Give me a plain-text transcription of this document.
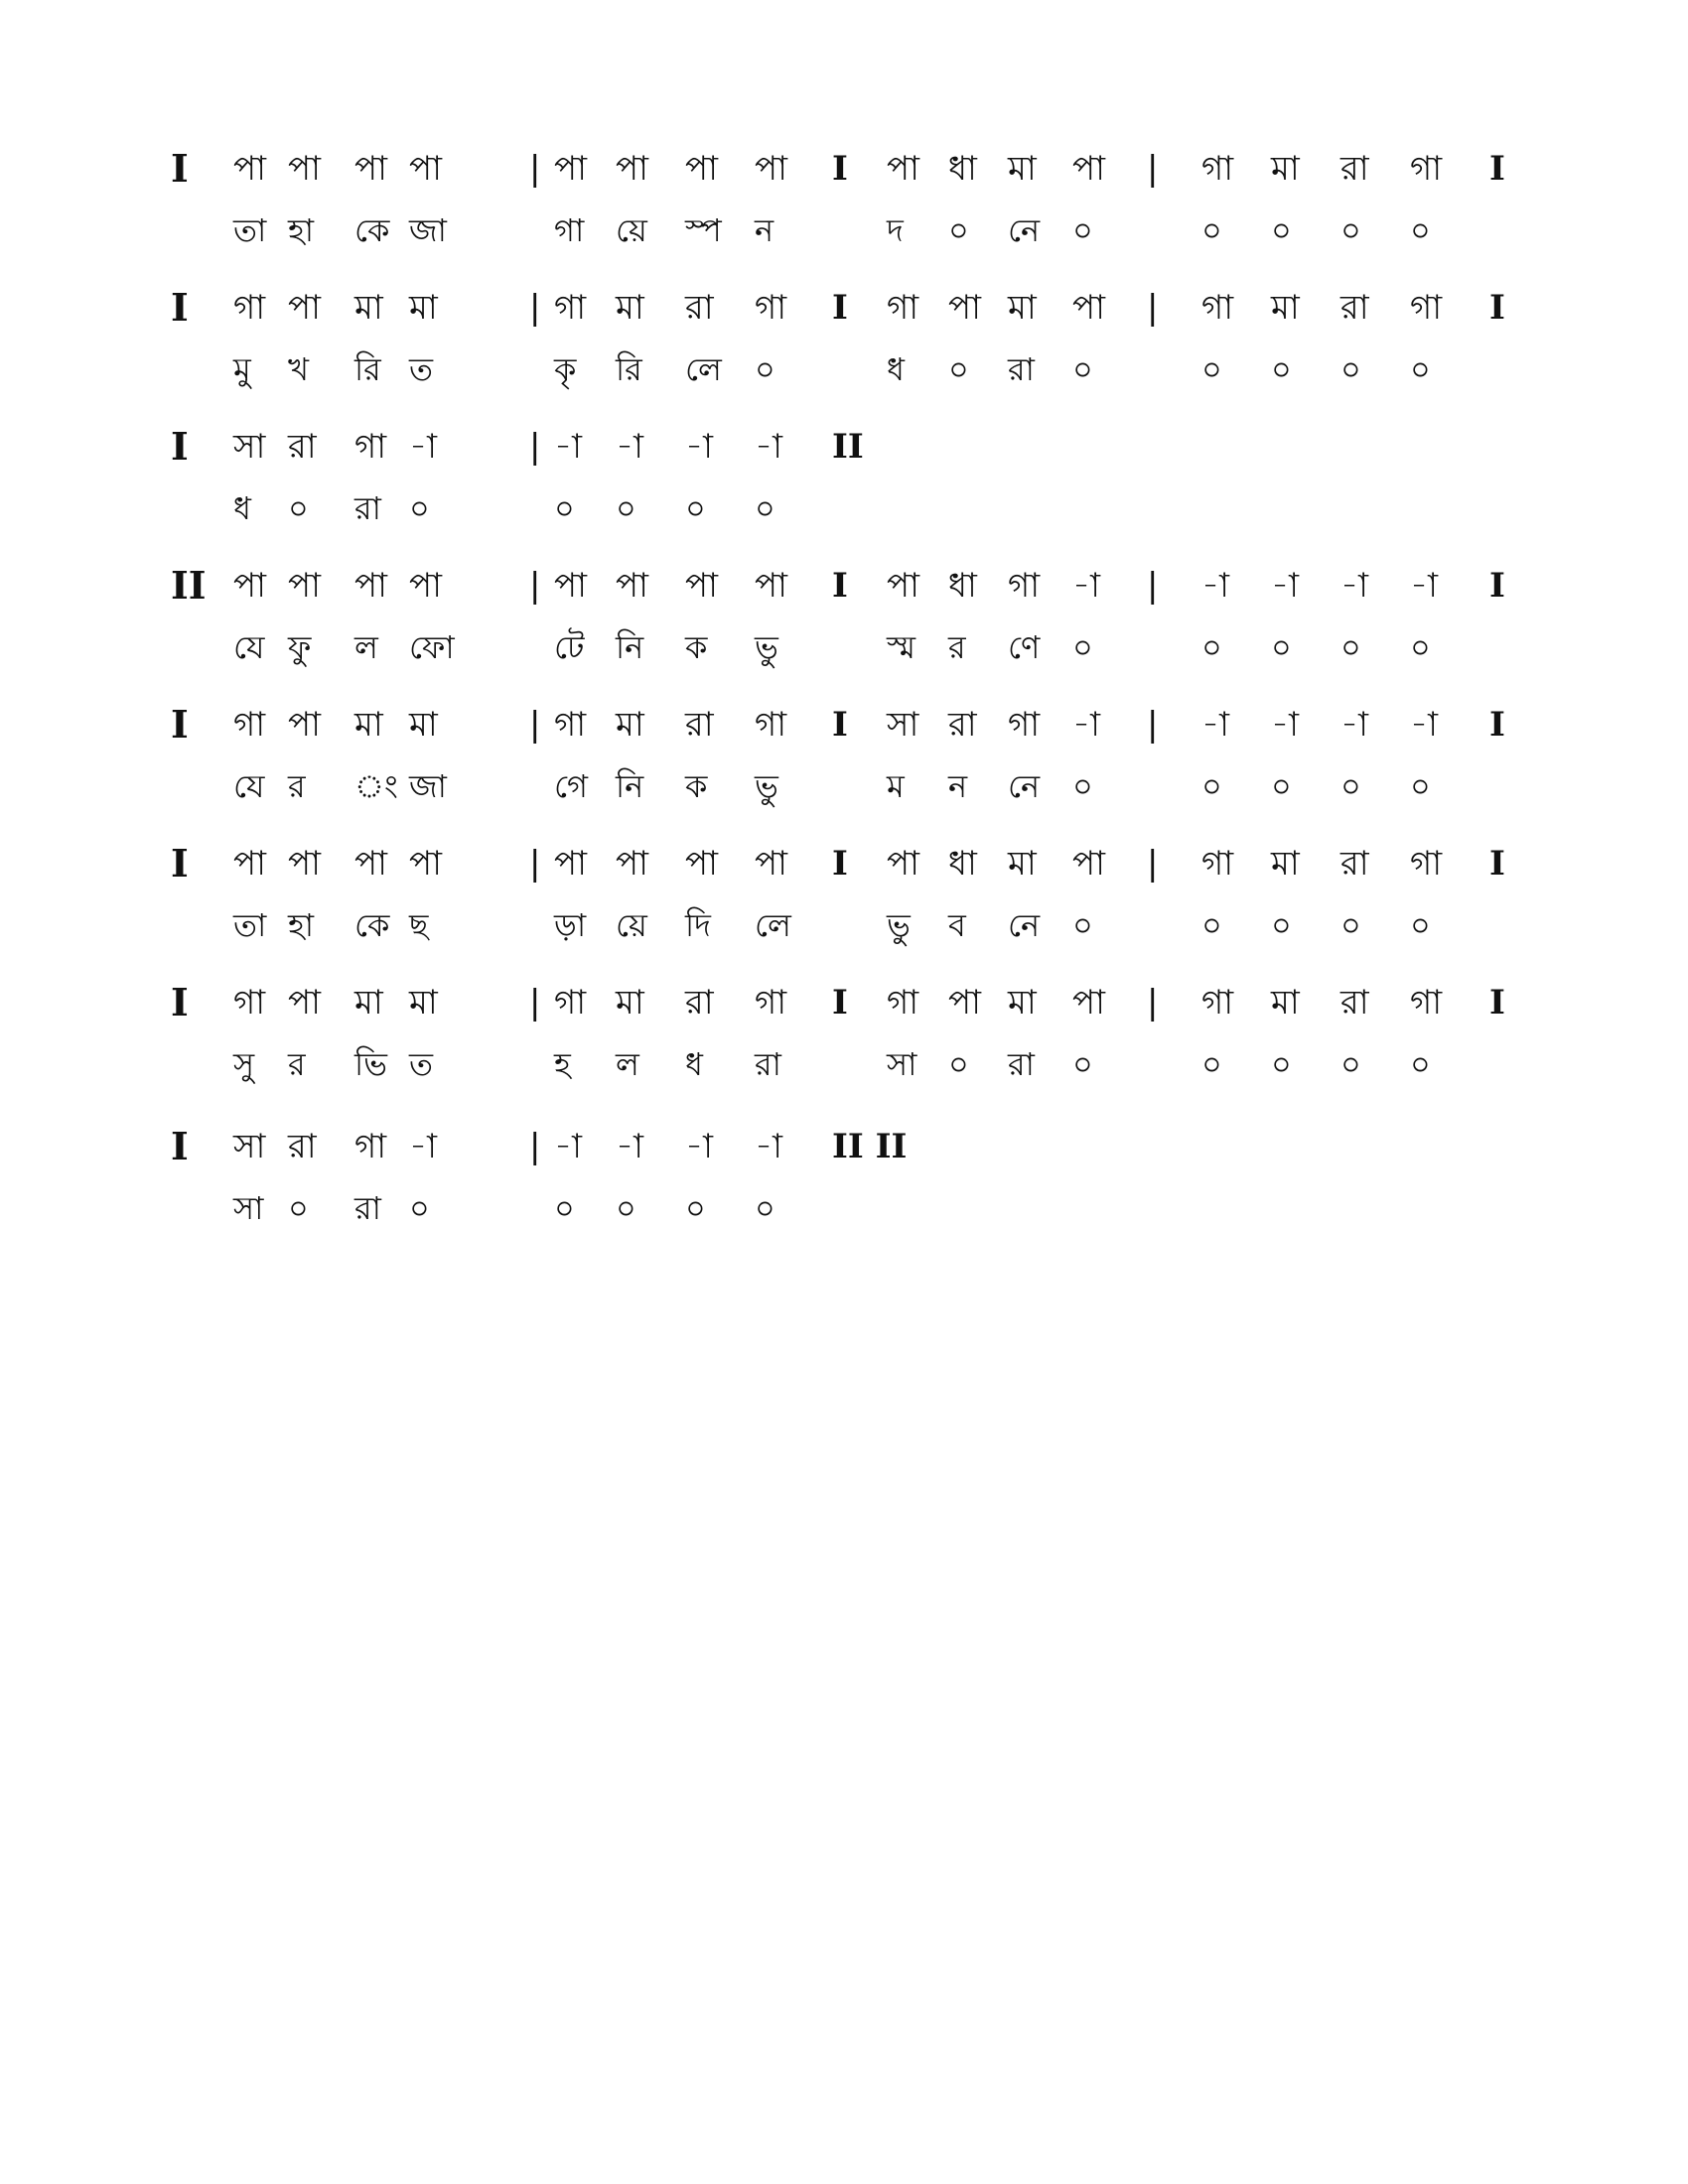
I পা পা পা পা	| পা পা পা পা I পা ধা মা পা | গা মা রা গা I
তা হা কে জা	গা য়ে স্প ন	দ ০ নে ০	০ ০ ০ ০
I গা পা মা মা	| গা মা রা গা I গা পা মা পা | গা মা রা গা I
মু খ রি ত	কৃ রি লে ০	ধ ০ রা ০	০ ০ ০ ০
I সা রা গা -া	| -া -া -া -া II
ধ ০ রা ০	০ ০ ০ ০
II পা পা পা পা	| পা পা পা পা I পা ধা গা -া | -া -া -া -া I
যে ফু ল ফো	টে নি ক ভু	স্ম র ণে ০	০ ০ ০ ০
I গা পা মা মা	| গা মা রা গা I সা রা গা -া | -া -া -া -া I
যে র ং জা	গে নি ক ভু	ম ন নে ০	০ ০ ০ ০
I পা পা পা পা	| পা পা পা পা I পা ধা মা পা | গা মা রা গা I
তা হা কে ছ	ড়া য়ে দি লে	ভু ব নে ০	০ ০ ০ ০
I গা পা মা মা	| গা মা রা গা I গা পা মা পা | গা মা রা গা I
সু র ভি ত	হ ল ধ রা	সা ০ রা ০	০ ০ ০ ০
I সা রা গা -া	| -া -া -া -া II II
সা ০ রা ০	০ ০ ০ ০
